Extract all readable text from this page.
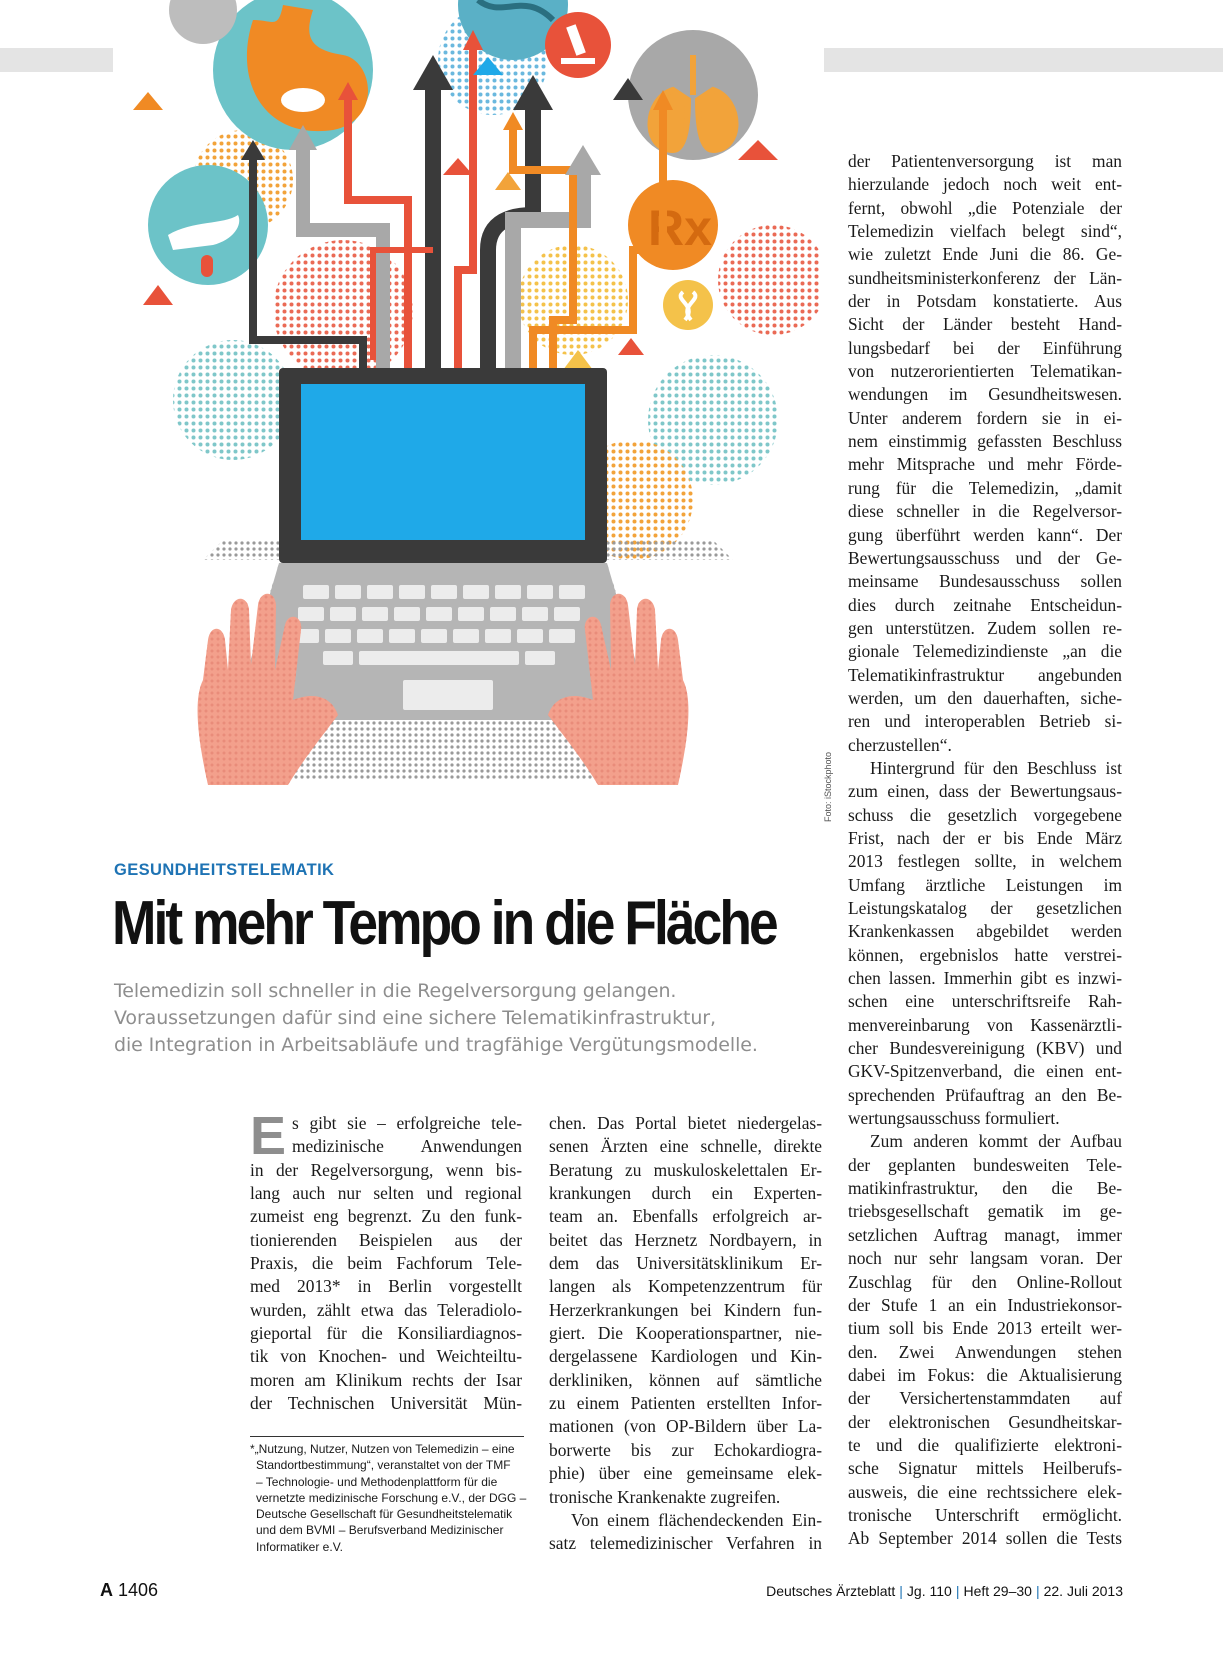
Rx
Foto: iStockphoto
GESUNDHEITSTELEMATIK
Mit mehr Tempo in die Fläche
Telemedizin soll schneller in die Regelversorgung gelangen.
Voraussetzungen dafür sind eine sichere Telematikinfrastruktur,
die Integration in Arbeitsabläufe und tragfähige Vergütungsmodelle.
E s gibt sie – erfolgreiche tele-
medizinische Anwendungen
in der Regelversorgung, wenn bis-
lang auch nur selten und regional
zumeist eng begrenzt. Zu den funk-
tionierenden Beispielen aus der
Praxis, die beim Fachforum Tele-
med 2013* in Berlin vorgestellt
wurden, zählt etwa das Teleradiolo-
gieportal für die Konsiliardiagnos-
tik von Knochen- und Weichteiltu-
moren am Klinikum rechts der Isar
der Technischen Universität Mün-
*„Nutzung, Nutzer, Nutzen von Telemedizin – eine
Standortbestimmung“, veranstaltet von der TMF
– Technologie- und Methodenplattform für die
vernetzte medizinische Forschung e.V., der DGG –
Deutsche Gesellschaft für Gesundheitstelematik
und dem BVMI – Berufsverband Medizinischer
Informatiker e.V.
chen. Das Portal bietet niedergelas-
senen Ärzten eine schnelle, direkte
Beratung zu muskuloskelettalen Er-
krankungen durch ein Experten-
team an. Ebenfalls erfolgreich ar-
beitet das Herznetz Nordbayern, in
dem das Universitätsklinikum Er-
langen als Kompetenzzentrum für
Herzerkrankungen bei Kindern fun-
giert. Die Kooperationspartner, nie-
dergelassene Kardiologen und Kin-
derkliniken, können auf sämtliche
zu einem Patienten erstellten Infor-
mationen (von OP-Bildern über La-
borwerte bis zur Echokardiogra-
phie) über eine gemeinsame elek-
tronische Krankenakte zugreifen.
Von einem flächendeckenden Ein-
satz telemedizinischer Verfahren in
der Patientenversorgung ist man
hierzulande jedoch noch weit ent-
fernt, obwohl „die Potenziale der
Telemedizin vielfach belegt sind“,
wie zuletzt Ende Juni die 86. Ge-
sundheitsministerkonferenz der Län-
der in Potsdam konstatierte. Aus
Sicht der Länder besteht Hand-
lungsbedarf bei der Einführung
von nutzerorientierten Telematikan-
wendungen im Gesundheitswesen.
Unter anderem fordern sie in ei-
nem einstimmig gefassten Beschluss
mehr Mitsprache und mehr Förde-
rung für die Telemedizin, „damit
diese schneller in die Regelversor-
gung überführt werden kann“. Der
Bewertungsausschuss und der Ge-
meinsame Bundesausschuss sollen
dies durch zeitnahe Entscheidun-
gen unterstützen. Zudem sollen re-
gionale Telemedizindienste „an die
Telematikinfrastruktur angebunden
werden, um den dauerhaften, siche-
ren und interoperablen Betrieb si-
cherzustellen“.
Hintergrund für den Beschluss ist
zum einen, dass der Bewertungsaus-
schuss die gesetzlich vorgegebene
Frist, nach der er bis Ende März
2013 festlegen sollte, in welchem
Umfang ärztliche Leistungen im
Leistungskatalog der gesetzlichen
Krankenkassen abgebildet werden
können, ergebnislos hatte verstrei-
chen lassen. Immerhin gibt es inzwi-
schen eine unterschriftsreife Rah-
menvereinbarung von Kassenärztli-
cher Bundesvereinigung (KBV) und
GKV-Spitzenverband, die einen ent-
sprechenden Prüfauftrag an den Be-
wertungsausschuss formuliert.
Zum anderen kommt der Aufbau
der geplanten bundesweiten Tele-
matikinfrastruktur, den die Be-
triebsgesellschaft gematik im ge-
setzlichen Auftrag managt, immer
noch nur sehr langsam voran. Der
Zuschlag für den Online-Rollout
der Stufe 1 an ein Industriekonsor-
tium soll bis Ende 2013 erteilt wer-
den. Zwei Anwendungen stehen
dabei im Fokus: die Aktualisierung
der Versichertenstammdaten auf
der elektronischen Gesundheitskar-
te und die qualifizierte elektroni-
sche Signatur mittels Heilberufs-
ausweis, die eine rechtssichere elek-
tronische Unterschrift ermöglicht.
Ab September 2014 sollen die Tests
A 1406	Deutsches Ärzteblatt | Jg. 110 | Heft 29–30 | 22. Juli 2013
